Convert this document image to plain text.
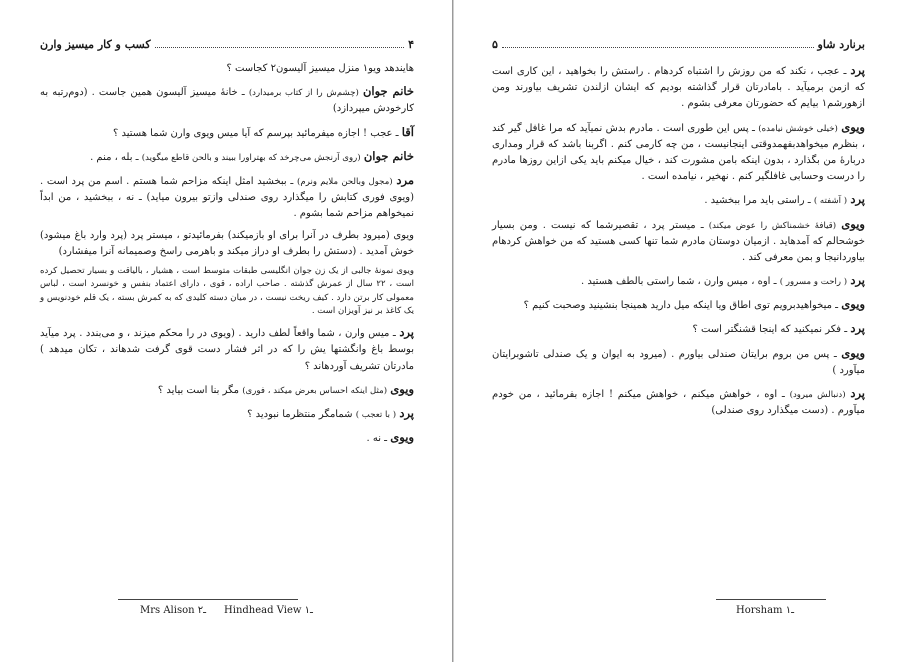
۴
کسب و کار میسیز وارن

هایندهد ویو۱ منزل میسیز آلیسون۲ کجاست ؟

خانم جوان (چشم‌ش را از کتاب برمیدارد) ـ خانهٔ میسیز آلیسون همین جاست . (دوم‌رتبه به کارخودش میپردازد)

آقا ـ عجب ! اجازه میفرمائید بپرسم که آیا میس ویوی وارن شما هستید ؟

خانم جوان (روی آرنجش می‌چرخد که بهتراورا ببیند و بالحن قاطع میگوید) ـ بله ، منم .

مرد (مجول وبالحن ملایم ونرم) ـ ببخشید امثل اینکه مزاحم شما هستم . اسم من پرد است . (ویوی فوری کتابش را میگذارد روی صندلی وازتو بیرون میاید) ـ نه ، ببخشید ، من ابداً نمیخواهم مزاحم شما بشوم .

ویوی (میرود بطرف در آنرا برای او بازمیکند) بفرمائیدتو ، میستر پرد (پرد وارد باغ میشود) خوش آمدید . (دستش را بطرف او دراز میکند و باهرمی راسخ وصمیمانه آنرا میفشارد)

ویوی نمونهٔ جالبی از یک زن جوان انگلیسی طبقات متوسط است ، هشیار ، بالیاقت و بسیار تحصیل کرده است ، ۲۲ سال از عمرش گذشته . صاحب اراده ، قوی ، دارای اعتماد بنفس و خونسرد است ، لباس معمولی کار برتن دارد . کیف ریخت نیست ، در میان دسته کلیدی که به کمرش بسته ، یک قلم خودنویس و یک کاغذ بر نیز آویزان است .

پرد ـ میس وارن ، شما واقعاً لطف دارید . (ویوی در را محکم میزند ، و می‌بندد . پرد میآید بوسط باغ وانگشتها یش را که در اثر فشار دست قوی گرفت شدهاند ، تکان میدهد ) مادرتان تشریف آوردهاند ؟

ویوی (مثل اینکه احساس بعرض میکند ، فوری) مگر بنا است بیاید ؟

پرد ( با تعجب ) شمامگر منتظرما نبودید ؟

ویوی ـ نه .

Mrs Alison ـ۲ Hindhead View ـ۱
برنارد شاو
۵

پرد ـ عجب ، نکند که من روزش را اشتباه کردهام . راستش را بخواهید ، این کاری است که ازمن برمیآید . بامادرتان قرار گذاشته بودیم که ایشان ازلندن تشریف بیاورند ومن ازهورشم۱ بیایم که حضورتان معرفی بشوم .

ویوی (خیلی خوشش نیامده) ـ پس این طوری است . مادرم بدش نمیآید که مرا غافل گیر کند ، بنظرم میخواهدبفهمدوقتی اینجانیست ، من چه کارمی کنم . اگربنا باشد که قرار ومداری دربارهٔ من بگذارد ، بدون اینکه بامن مشورت کند ، خیال میکنم باید یکی ازاین روزها مادرم را درست وحسابی غافلگیر کنم . نهخیر ، نیامده است .

پرد ( آشفته ) ـ راستی باید مرا ببخشید .

ویوی (قیافهٔ خشمناکش را عوض میکند) ـ میستر پرد ، تقصیرشما که نیست . ومن بسیار خوشحالم که آمدهاید . ازمیان دوستان مادرم شما تنها کسی هستید که من خواهش کردهام بیاوردانیجا و بمن معرفی کند .

پرد ( راحت و مسرور ) ـ اوه ، میس وارن ، شما راستی بالطف هستید .

ویوی ـ میخواهیدبرویم توی اطاق ویا اینکه میل دارید همینجا بنشینید وصحبت کنیم ؟

پرد ـ فکر نمیکنید که اینجا قشنگتر است ؟

ویوی ـ پس من بروم برایتان صندلی بیاورم . (میرود به ایوان و یک صندلی تاشوبرایتان میآورد )

پرد (دنبالش میرود) ـ اوه ، خواهش میکنم ، خواهش میکنم ! اجازه بفرمائید ، من خودم میآورم . (دست میگذارد روی صندلی)

Horsham ـ۱
